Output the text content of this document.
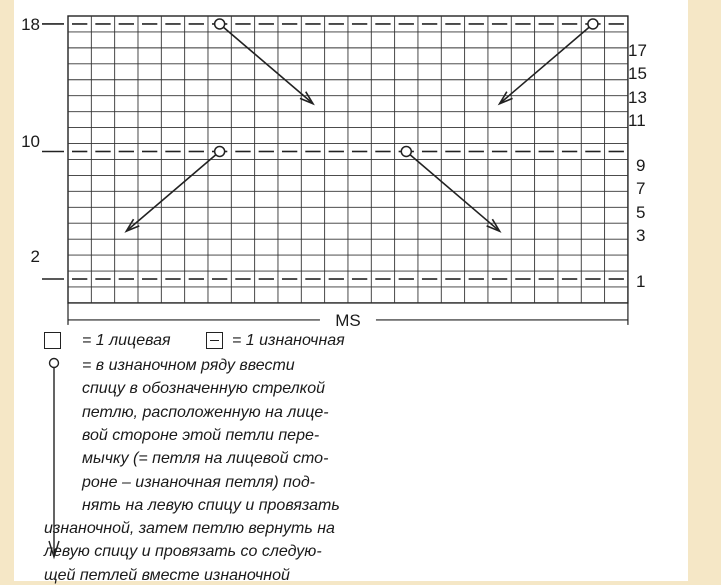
MS
18
10
2
17
15
13
11
9
7
5
3
1
= 1 лицевая	= 1 изнаночная
= в изнаночном ряду ввести
спицу в обозначенную стрелкой
петлю, расположенную на лице-
вой стороне этой петли пере-
мычку (= петля на лицевой сто-
роне – изнаночная петля) под-
нять на левую спицу и провязать
изнаночной, затем петлю вернуть на
левую спицу и провязать со следую-
щей петлей вместе изнаночной
